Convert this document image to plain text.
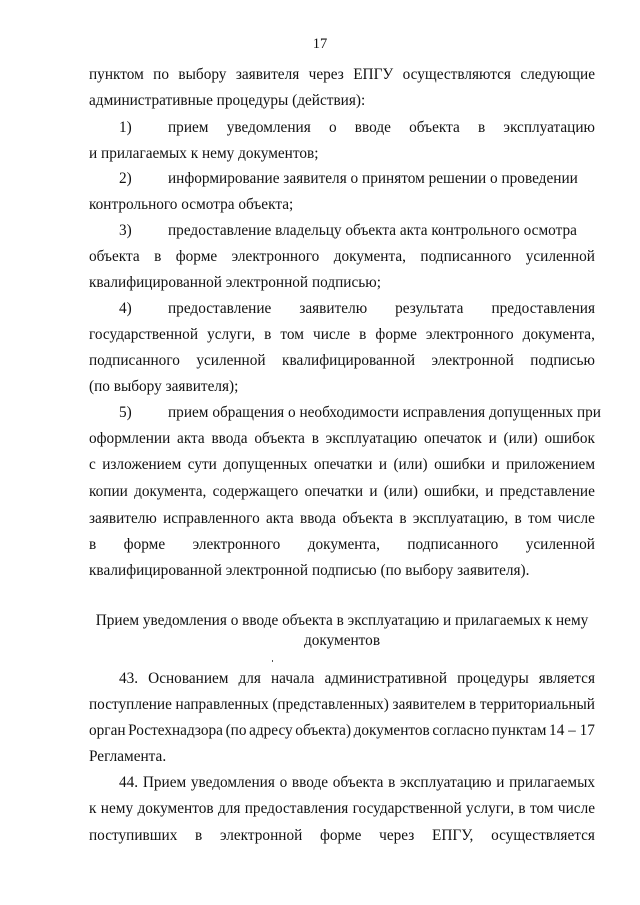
17
пунктом по выбору заявителя через ЕПГУ осуществляются следующие
административные процедуры (действия):
1)	прием уведомления о вводе объекта в эксплуатацию
и прилагаемых к нему документов;
2)	информирование заявителя о принятом решении о проведении
контрольного осмотра объекта;
3)	предоставление владельцу объекта акта контрольного осмотра
объекта в форме электронного документа, подписанного усиленной
квалифицированной электронной подписью;
4)	предоставление заявителю результата предоставления
государственной услуги, в том числе в форме электронного документа,
подписанного усиленной квалифицированной электронной подписью
(по выбору заявителя);
5)	прием обращения о необходимости исправления допущенных при
оформлении акта ввода объекта в эксплуатацию опечаток и (или) ошибок
с изложением сути допущенных опечатки и (или) ошибки и приложением
копии документа, содержащего опечатки и (или) ошибки, и представление
заявителю исправленного акта ввода объекта в эксплуатацию, в том числе
в форме электронного документа, подписанного усиленной
квалифицированной электронной подписью (по выбору заявителя).
Прием уведомления о вводе объекта в эксплуатацию и прилагаемых к нему
документов
43. Основанием для начала административной процедуры является
поступление направленных (представленных) заявителем в территориальный
орган Ростехнадзора (по адресу объекта) документов согласно пунктам 14 – 17
Регламента.
44. Прием уведомления о вводе объекта в эксплуатацию и прилагаемых
к нему документов для предоставления государственной услуги, в том числе
поступивших в электронной форме через ЕПГУ, осуществляется
